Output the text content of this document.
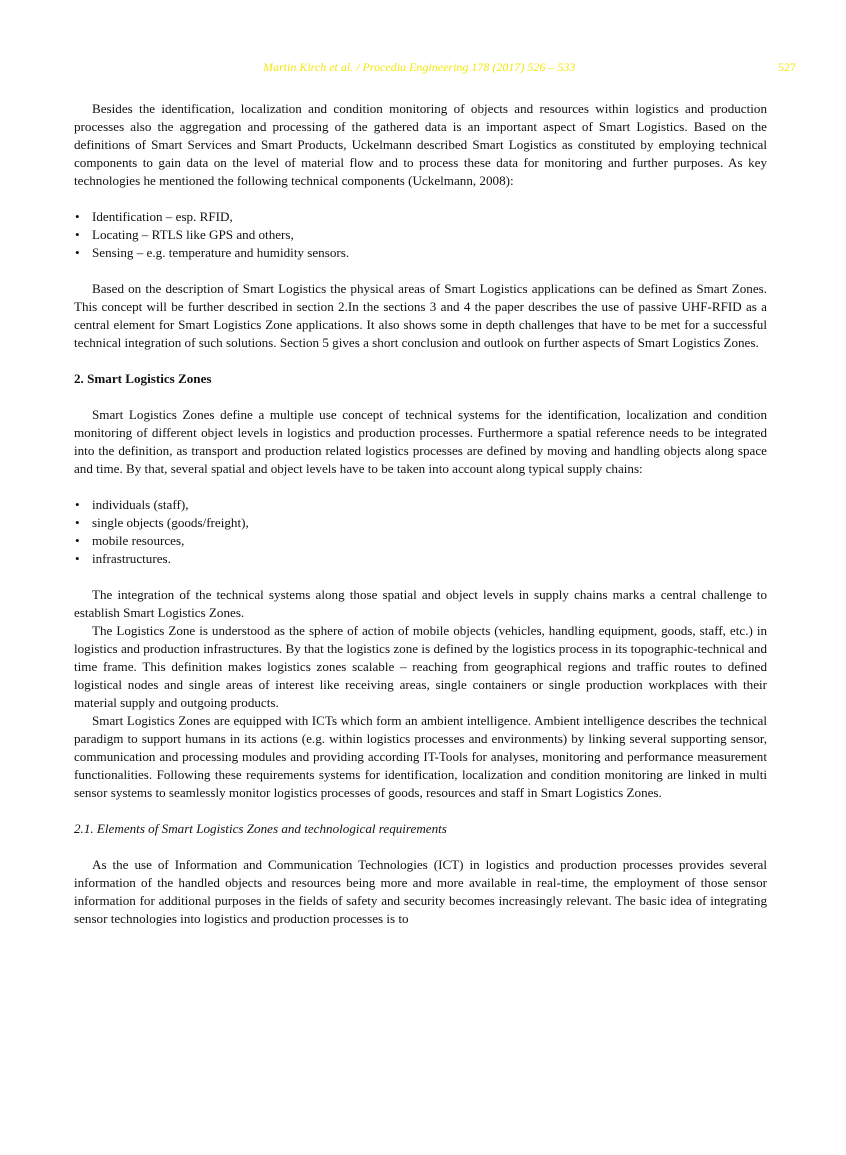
Martin Kirch et al. / Procedia Engineering 178 (2017) 526 – 533	527

Besides the identification, localization and condition monitoring of objects and resources within logistics and production processes also the aggregation and processing of the gathered data is an important aspect of Smart Logistics. Based on the definitions of Smart Services and Smart Products, Uckelmann described Smart Logistics as constituted by employing technical components to gain data on the level of material flow and to process these data for monitoring and further purposes. As key technologies he mentioned the following technical components (Uckelmann, 2008):

• Identification – esp. RFID,
• Locating – RTLS like GPS and others,
• Sensing – e.g. temperature and humidity sensors.

Based on the description of Smart Logistics the physical areas of Smart Logistics applications can be defined as Smart Zones. This concept will be further described in section 2.In the sections 3 and 4 the paper describes the use of passive UHF-RFID as a central element for Smart Logistics Zone applications. It also shows some in depth challenges that have to be met for a successful technical integration of such solutions. Section 5 gives a short conclusion and outlook on further aspects of Smart Logistics Zones.

2. Smart Logistics Zones

Smart Logistics Zones define a multiple use concept of technical systems for the identification, localization and condition monitoring of different object levels in logistics and production processes. Furthermore a spatial reference needs to be integrated into the definition, as transport and production related logistics processes are defined by moving and handling objects along space and time. By that, several spatial and object levels have to be taken into account along typical supply chains:

• individuals (staff),
• single objects (goods/freight),
• mobile resources,
• infrastructures.

The integration of the technical systems along those spatial and object levels in supply chains marks a central challenge to establish Smart Logistics Zones.

The Logistics Zone is understood as the sphere of action of mobile objects (vehicles, handling equipment, goods, staff, etc.) in logistics and production infrastructures. By that the logistics zone is defined by the logistics process in its topographic-technical and time frame. This definition makes logistics zones scalable – reaching from geographical regions and traffic routes to defined logistical nodes and single areas of interest like receiving areas, single containers or single production workplaces with their material supply and outgoing products.

Smart Logistics Zones are equipped with ICTs which form an ambient intelligence. Ambient intelligence describes the technical paradigm to support humans in its actions (e.g. within logistics processes and environments) by linking several supporting sensor, communication and processing modules and providing according IT-Tools for analyses, monitoring and performance measurement functionalities. Following these requirements systems for identification, localization and condition monitoring are linked in multi sensor systems to seamlessly monitor logistics processes of goods, resources and staff in Smart Logistics Zones.

2.1. Elements of Smart Logistics Zones and technological requirements

As the use of Information and Communication Technologies (ICT) in logistics and production processes provides several information of the handled objects and resources being more and more available in real-time, the employment of those sensor information for additional purposes in the fields of safety and security becomes increasingly relevant. The basic idea of integrating sensor technologies into logistics and production processes is to
